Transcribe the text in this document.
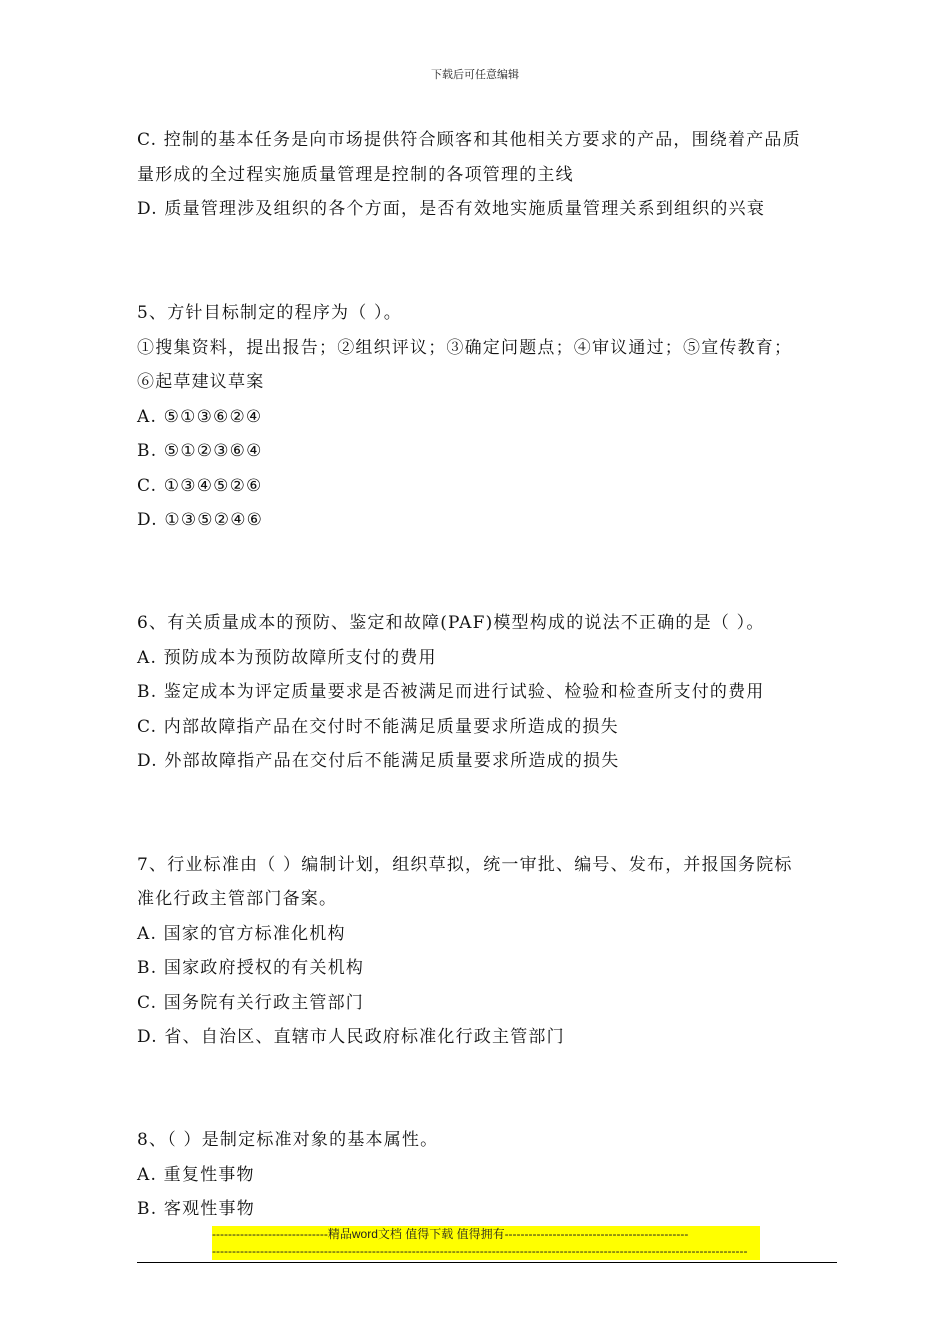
下载后可任意编辑
C. 控制的基本任务是向市场提供符合顾客和其他相关方要求的产品，围绕着产品质
量形成的全过程实施质量管理是控制的各项管理的主线
D. 质量管理涉及组织的各个方面，是否有效地实施质量管理关系到组织的兴衰
5、方针目标制定的程序为（ ）。
①搜集资料，提出报告；②组织评议；③确定问题点；④审议通过；⑤宣传教育；
⑥起草建议草案
A. ⑤①③⑥②④
B. ⑤①②③⑥④
C. ①③④⑤②⑥
D. ①③⑤②④⑥
6、有关质量成本的预防、鉴定和故障(PAF)模型构成的说法不正确的是（ ）。
A. 预防成本为预防故障所支付的费用
B. 鉴定成本为评定质量要求是否被满足而进行试验、检验和检查所支付的费用
C. 内部故障指产品在交付时不能满足质量要求所造成的损失
D. 外部故障指产品在交付后不能满足质量要求所造成的损失
7、行业标准由（ ）编制计划，组织草拟，统一审批、编号、发布，并报国务院标
准化行政主管部门备案。
A. 国家的官方标准化机构
B. 国家政府授权的有关机构
C. 国务院有关行政主管部门
D. 省、自治区、直辖市人民政府标准化行政主管部门
8、（ ）是制定标准对象的基本属性。
A. 重复性事物
B. 客观性事物
-----------------------------精品word文档 值得下载 值得拥有----------------------------------------------
--------------------------------------------------------------------------------------------------------------------------------------
